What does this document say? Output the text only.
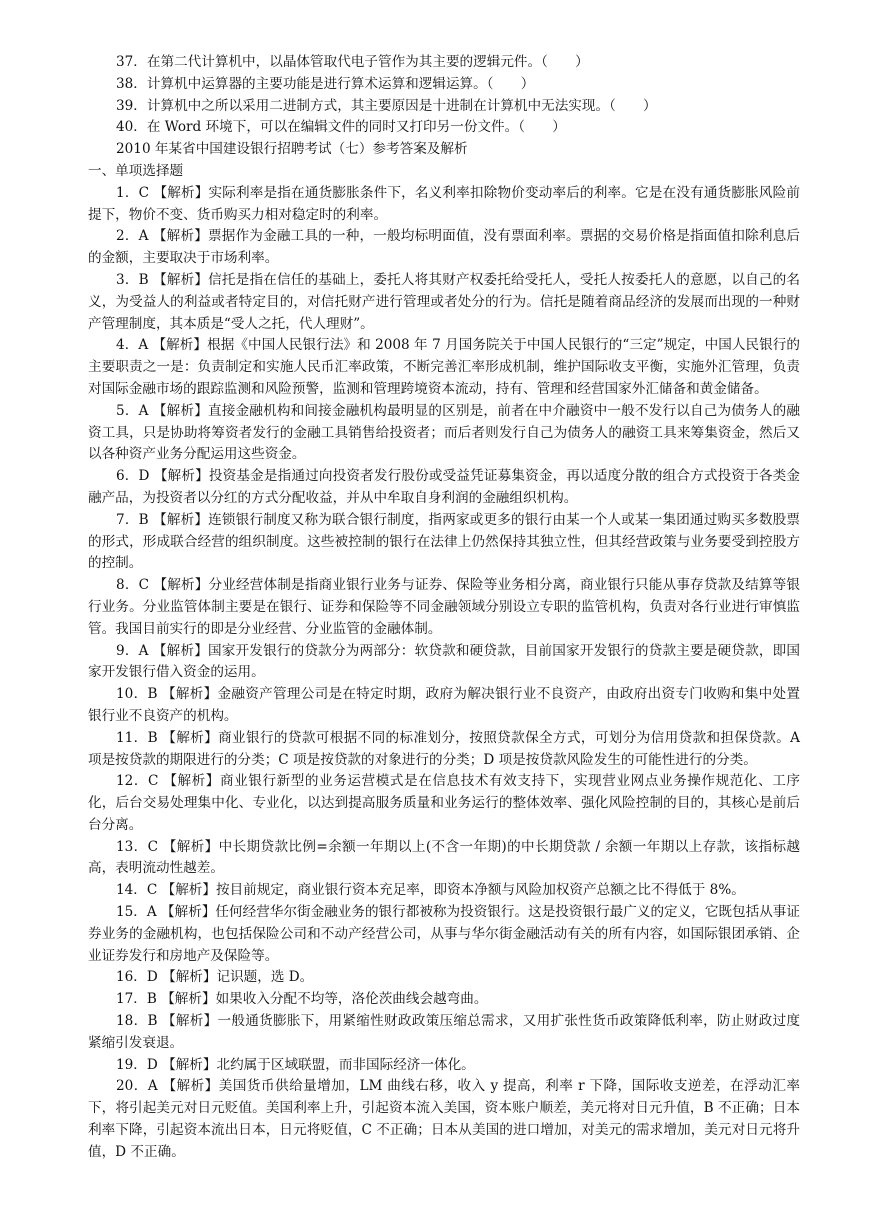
37．在第二代计算机中，以晶体管取代电子管作为其主要的逻辑元件。（　　）

38．计算机中运算器的主要功能是进行算术运算和逻辑运算。（　　）

39．计算机中之所以采用二进制方式，其主要原因是十进制在计算机中无法实现。（　　）

40．在 Word 环境下，可以在编辑文件的同时又打印另一份文件。（　　）

2010 年某省中国建设银行招聘考试（七）参考答案及解析

一、单项选择题

1．C 【解析】实际利率是指在通货膨胀条件下，名义利率扣除物价变动率后的利率。它是在没有通货膨胀风险前提下，物价不变、货币购买力相对稳定时的利率。

2．A 【解析】票据作为金融工具的一种，一般均标明面值，没有票面利率。票据的交易价格是指面值扣除利息后的金额，主要取决于市场利率。

3．B 【解析】信托是指在信任的基础上，委托人将其财产权委托给受托人，受托人按委托人的意愿，以自己的名义，为受益人的利益或者特定目的，对信托财产进行管理或者处分的行为。信托是随着商品经济的发展而出现的一种财产管理制度，其本质是“受人之托，代人理财”。

4．A 【解析】根据《中国人民银行法》和 2008 年 7 月国务院关于中国人民银行的“三定”规定，中国人民银行的主要职责之一是：负责制定和实施人民币汇率政策，不断完善汇率形成机制，维护国际收支平衡，实施外汇管理，负责对国际金融市场的跟踪监测和风险预警，监测和管理跨境资本流动，持有、管理和经营国家外汇储备和黄金储备。

5．A 【解析】直接金融机构和间接金融机构最明显的区别是，前者在中介融资中一般不发行以自己为债务人的融资工具，只是协助将筹资者发行的金融工具销售给投资者；而后者则发行自己为债务人的融资工具来筹集资金，然后又以各种资产业务分配运用这些资金。

6．D 【解析】投资基金是指通过向投资者发行股份或受益凭证募集资金，再以适度分散的组合方式投资于各类金融产品，为投资者以分红的方式分配收益，并从中牟取自身利润的金融组织机构。

7．B 【解析】连锁银行制度又称为联合银行制度，指两家或更多的银行由某一个人或某一集团通过购买多数股票的形式，形成联合经营的组织制度。这些被控制的银行在法律上仍然保持其独立性，但其经营政策与业务要受到控股方的控制。

8．C 【解析】分业经营体制是指商业银行业务与证券、保险等业务相分离，商业银行只能从事存贷款及结算等银行业务。分业监管体制主要是在银行、证券和保险等不同金融领域分别设立专职的监管机构，负责对各行业进行审慎监管。我国目前实行的即是分业经营、分业监管的金融体制。

9．A 【解析】国家开发银行的贷款分为两部分：软贷款和硬贷款，目前国家开发银行的贷款主要是硬贷款，即国家开发银行借入资金的运用。

10．B 【解析】金融资产管理公司是在特定时期，政府为解决银行业不良资产，由政府出资专门收购和集中处置银行业不良资产的机构。

11．B 【解析】商业银行的贷款可根据不同的标准划分，按照贷款保全方式，可划分为信用贷款和担保贷款。A 项是按贷款的期限进行的分类；C 项是按贷款的对象进行的分类；D 项是按贷款风险发生的可能性进行的分类。

12．C 【解析】商业银行新型的业务运营模式是在信息技术有效支持下，实现营业网点业务操作规范化、工序化，后台交易处理集中化、专业化，以达到提高服务质量和业务运行的整体效率、强化风险控制的目的，其核心是前后台分离。

13．C 【解析】中长期贷款比例=余额一年期以上(不含一年期)的中长期贷款 / 余额一年期以上存款，该指标越高，表明流动性越差。

14．C 【解析】按目前规定，商业银行资本充足率，即资本净额与风险加权资产总额之比不得低于 8%。

15．A 【解析】任何经营华尔街金融业务的银行都被称为投资银行。这是投资银行最广义的定义，它既包括从事证券业务的金融机构，也包括保险公司和不动产经营公司，从事与华尔街金融活动有关的所有内容，如国际银团承销、企业证券发行和房地产及保险等。

16．D 【解析】记识题，选 D。

17．B 【解析】如果收入分配不均等，洛伦茨曲线会越弯曲。

18．B 【解析】一般通货膨胀下，用紧缩性财政政策压缩总需求，又用扩张性货币政策降低利率，防止财政过度紧缩引发衰退。

19．D 【解析】北约属于区域联盟，而非国际经济一体化。

20．A 【解析】美国货币供给量增加，LM 曲线右移，收入 y 提高，利率 r 下降，国际收支逆差，在浮动汇率下，将引起美元对日元贬值。美国利率上升，引起资本流入美国，资本账户顺差，美元将对日元升值，B 不正确；日本利率下降，引起资本流出日本，日元将贬值，C 不正确；日本从美国的进口增加，对美元的需求增加，美元对日元将升值，D 不正确。
